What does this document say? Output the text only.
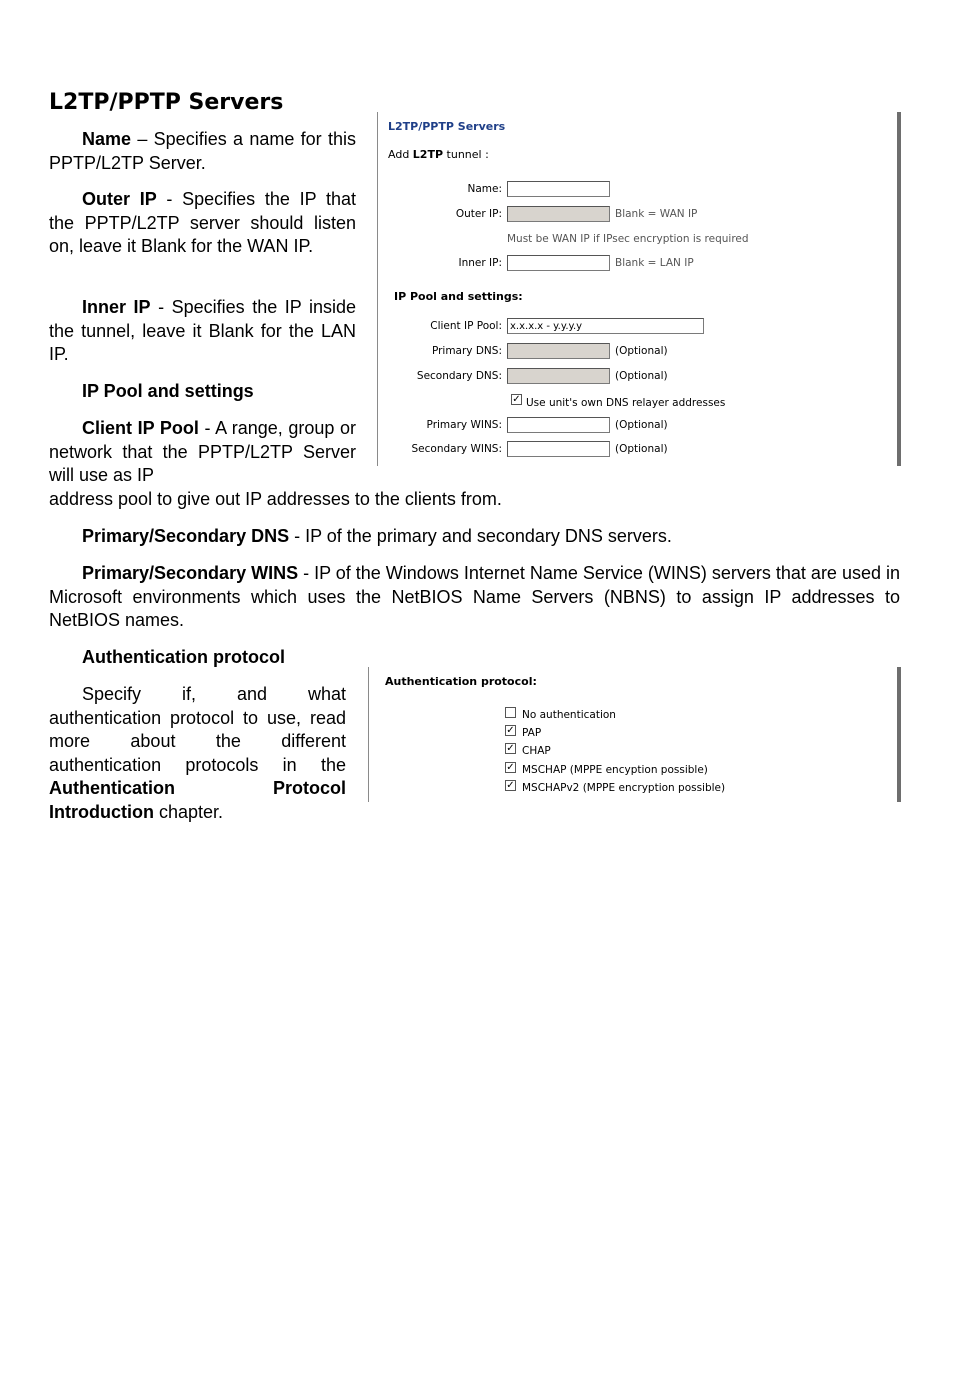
L2TP/PPTP Servers

Name – Specifies a name for this PPTP/L2TP Server.

Outer IP - Specifies the IP that the PPTP/L2TP server should listen on, leave it Blank for the WAN IP.

Inner IP - Specifies the IP inside the tunnel, leave it Blank for the LAN IP.

IP Pool and settings

Client IP Pool - A range, group or network that the PPTP/L2TP Server will use as IP

address pool to give out IP addresses to the clients from.

Primary/Secondary DNS - IP of the primary and secondary DNS servers.

Primary/Secondary WINS - IP of the Windows Internet Name Service (WINS) servers that are used in Microsoft environments which uses the NetBIOS Name Servers (NBNS) to assign IP addresses to NetBIOS names.

Authentication protocol

Specify if, and what authentication protocol to use, read more about the different authentication protocols in the Authentication Protocol Introduction chapter.

L2TP/PPTP Servers
Add L2TP tunnel :
Name:
Outer IP:	Blank = WAN IP
Must be WAN IP if IPsec encryption is required
Inner IP:	Blank = LAN IP
IP Pool and settings:
Client IP Pool: x.x.x.x - y.y.y.y
Primary DNS:	(Optional)
Secondary DNS:	(Optional)
✓ Use unit's own DNS relayer addresses
Primary WINS:	(Optional)
Secondary WINS:	(Optional)
Authentication protocol:
No authentication
✓ PAP
✓ CHAP
✓ MSCHAP (MPPE encyption possible)
✓ MSCHAPv2 (MPPE encryption possible)
